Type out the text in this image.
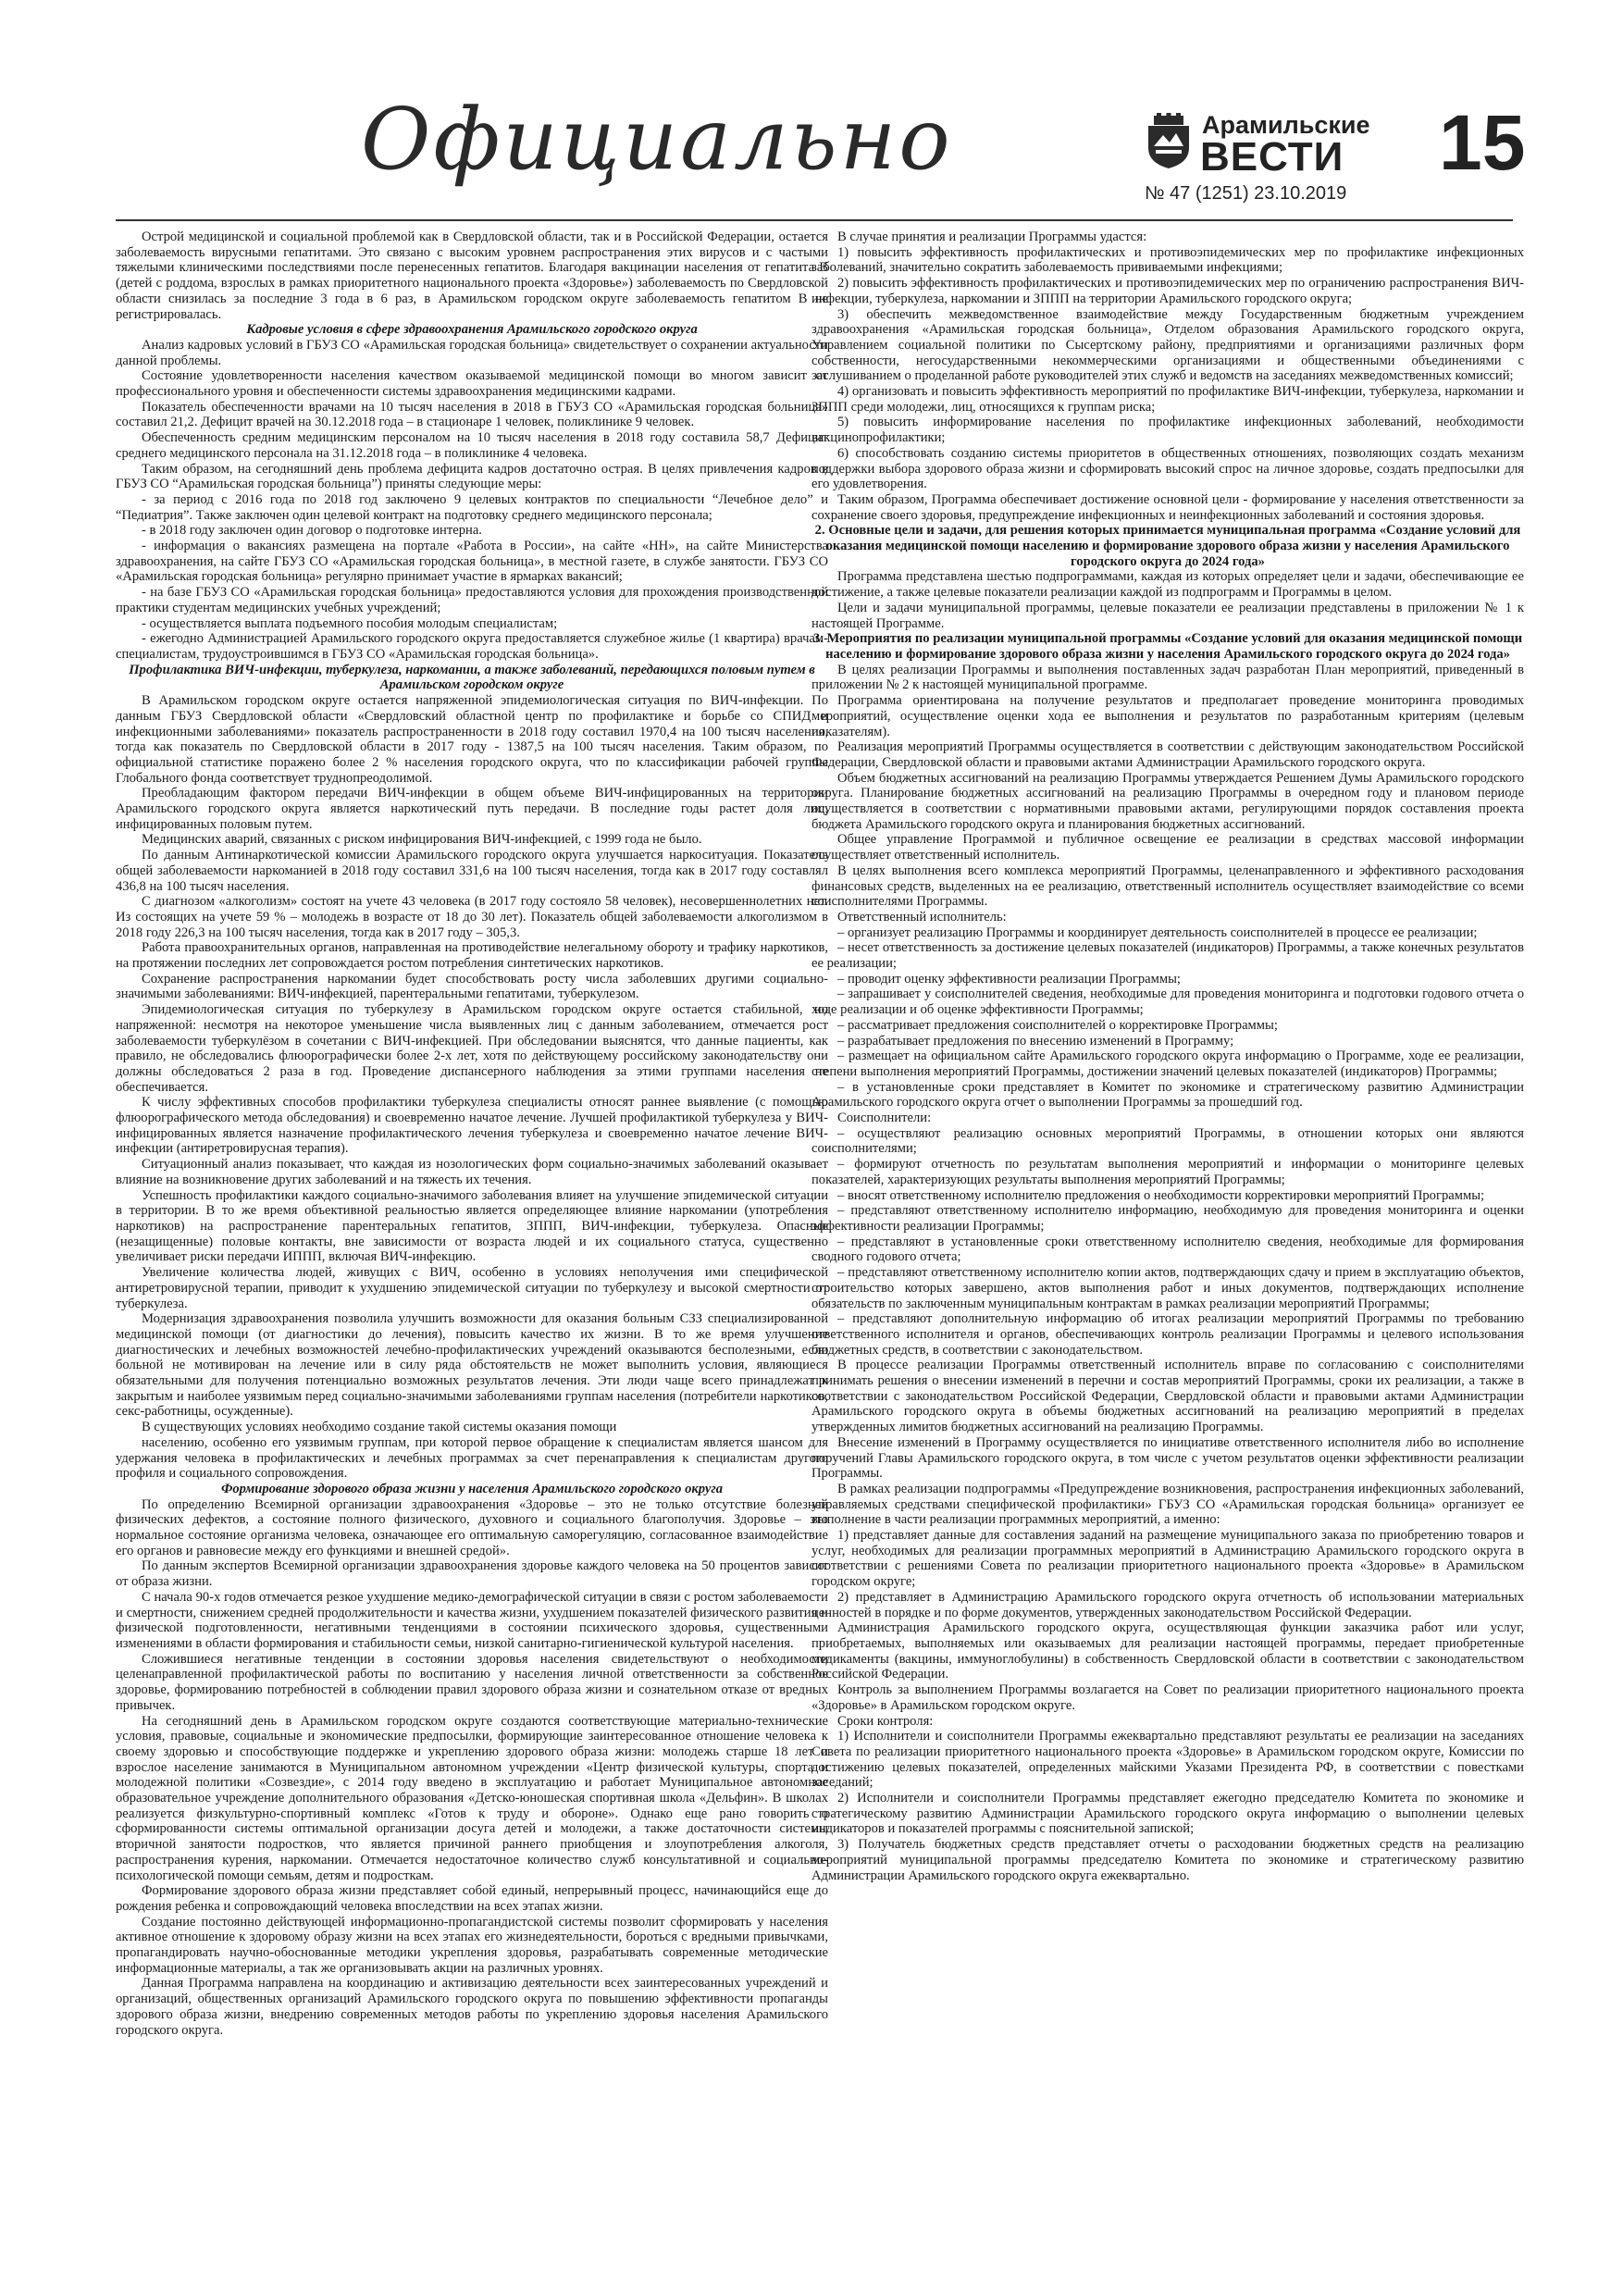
Официально	Арамильские
ВЕСТИ
№ 47 (1251) 23.10.2019
15

Острой медицинской и социальной проблемой как в Свердловской области, так и в Российской Федерации, остается заболеваемость вирусными гепатитами. Это связано с высоким уровнем распространения этих вирусов и с частыми тяжелыми клиническими последствиями после перенесенных гепатитов. Благодаря вакцинации населения от гепатита В (детей с роддома, взрослых в рамках приоритетного национального проекта «Здоровье») заболеваемость по Свердловской области снизилась за последние 3 года в 6 раз, в Арамильском городском округе заболеваемость гепатитом В не регистрировалась.

Кадровые условия в сфере здравоохранения Арамильского городского округа

Анализ кадровых условий в ГБУЗ СО «Арамильская городская больница» свидетельствует о сохранении актуальности данной проблемы.

Состояние удовлетворенности населения качеством оказываемой медицинской помощи во многом зависит от профессионального уровня и обеспеченности системы здравоохранения медицинскими кадрами.

Показатель обеспеченности врачами на 10 тысяч населения в 2018 в ГБУЗ СО «Арамильская городская больница» составил 21,2. Дефицит врачей на 30.12.2018 года – в стационаре 1 человек, поликлинике 9 человек.

Обеспеченность средним медицинским персоналом на 10 тысяч населения в 2018 году составила 58,7 Дефицит среднего медицинского персонала на 31.12.2018 года – в поликлинике 4 человека.

Таким образом, на сегодняшний день проблема дефицита кадров достаточно острая. В целях привлечения кадров в ГБУЗ СО “Арамильская городская больница”) приняты следующие меры:

- за период с 2016 года по 2018 год заключено 9 целевых контрактов по специальности “Лечебное дело” и “Педиатрия”. Также заключен один целевой контракт на подготовку среднего медицинского персонала;

- в 2018 году заключен один договор о подготовке интерна.

- информация о вакансиях размещена на портале «Работа в России», на сайте «НН», на сайте Министерства здравоохранения, на сайте ГБУЗ СО «Арамильская городская больница», в местной газете, в службе занятости. ГБУЗ СО «Арамильская городская больница» регулярно принимает участие в ярмарках вакансий;

- на базе ГБУЗ СО «Арамильская городская больница» предоставляются условия для прохождения производственной практики студентам медицинских учебных учреждений;

- осуществляется выплата подъемного пособия молодым специалистам;

- ежегодно Администрацией Арамильского городского округа предоставляется служебное жилье (1 квартира) врачам-специалистам, трудоустроившимся в ГБУЗ СО «Арамильская городская больница».

Профилактика ВИЧ-инфекции, туберкулеза, наркомании, а также заболеваний, передающихся половым путем в Арамильском городском округе

В Арамильском городском округе остается напряженной эпидемиологическая ситуация по ВИЧ-инфекции. По данным ГБУЗ Свердловской области «Свердловский областной центр по профилактике и борьбе со СПИД и инфекционными заболеваниями» показатель распространенности в 2018 году составил 1970,4 на 100 тысяч населения, тогда как показатель по Свердловской области в 2017 году - 1387,5 на 100 тысяч населения. Таким образом, по официальной статистике поражено более 2 % населения городского округа, что по классификации рабочей группы Глобального фонда соответствует труднопреодолимой.

Преобладающим фактором передачи ВИЧ-инфекции в общем объеме ВИЧ-инфицированных на территории Арамильского городского округа является наркотический путь передачи. В последние годы растет доля лиц, инфицированных половым путем.

Медицинских аварий, связанных с риском инфицирования ВИЧ-инфекцией, с 1999 года не было.

По данным Антинаркотической комиссии Арамильского городского округа улучшается наркоситуация. Показатель общей заболеваемости наркоманией в 2018 году составил 331,6 на 100 тысяч населения, тогда как в 2017 году составлял 436,8 на 100 тысяч населения.

С диагнозом «алкоголизм» состоят на учете 43 человека (в 2017 году состояло 58 человек), несовершеннолетних нет. Из состоящих на учете 59 % – молодежь в возрасте от 18 до 30 лет). Показатель общей заболеваемости алкоголизмом в 2018 году 226,3 на 100 тысяч населения, тогда как в 2017 году – 305,3.

Работа правоохранительных органов, направленная на противодействие нелегальному обороту и трафику наркотиков, на протяжении последних лет сопровождается ростом потребления синтетических наркотиков.

Сохранение распространения наркомании будет способствовать росту числа заболевших другими социально-значимыми заболеваниями: ВИЧ-инфекцией, парентеральными гепатитами, туберкулезом.

Эпидемиологическая ситуация по туберкулезу в Арамильском городском округе остается стабильной, но напряженной: несмотря на некоторое уменьшение числа выявленных лиц с данным заболеванием, отмечается рост заболеваемости туберкулёзом в сочетании с ВИЧ-инфекцией. При обследовании выяснятся, что данные пациенты, как правило, не обследовались флюорографически более 2-х лет, хотя по действующему российскому законодательству они должны обследоваться 2 раза в год. Проведение диспансерного наблюдения за этими группами населения не обеспечивается.

К числу эффективных способов профилактики туберкулеза специалисты относят раннее выявление (с помощью флюорографического метода обследования) и своевременно начатое лечение. Лучшей профилактикой туберкулеза у ВИЧ-инфицированных является назначение профилактического лечения туберкулеза и своевременно начатое лечение ВИЧ-инфекции (антиретровирусная терапия).

Ситуационный анализ показывает, что каждая из нозологических форм социально-значимых заболеваний оказывает влияние на возникновение других заболеваний и на тяжесть их течения.

Успешность профилактики каждого социально-значимого заболевания влияет на улучшение эпидемической ситуации в территории. В то же время объективной реальностью является определяющее влияние наркомании (употребления наркотиков) на распространение парентеральных гепатитов, ЗППП, ВИЧ-инфекции, туберкулеза. Опасные (незащищенные) половые контакты, вне зависимости от возраста людей и их социального статуса, существенно увеличивает риски передачи ИППП, включая ВИЧ-инфекцию.

Увеличение количества людей, живущих с ВИЧ, особенно в условиях неполучения ими специфической антиретровирусной терапии, приводит к ухудшению эпидемической ситуации по туберкулезу и высокой смертности от туберкулеза.

Модернизация здравоохранения позволила улучшить возможности для оказания больным СЗЗ специализированной медицинской помощи (от диагностики до лечения), повысить качество их жизни. В то же время улучшение диагностических и лечебных возможностей лечебно-профилактических учреждений оказываются бесполезными, если больной не мотивирован на лечение или в силу ряда обстоятельств не может выполнить условия, являющиеся обязательными для получения потенциально возможных результатов лечения. Эти люди чаще всего принадлежат к закрытым и наиболее уязвимым перед социально-значимыми заболеваниями группам населения (потребители наркотиков, секс-работницы, осужденные).

В существующих условиях необходимо создание такой системы оказания помощи

населению, особенно его уязвимым группам, при которой первое обращение к специалистам является шансом для удержания человека в профилактических и лечебных программах за счет перенаправления к специалистам другого профиля и социального сопровождения.

Формирование здорового образа жизни у населения Арамильского городского округа

По определению Всемирной организации здравоохранения «Здоровье – это не только отсутствие болезней физических дефектов, а состояние полного физического, духовного и социального благополучия. Здоровье – это нормальное состояние организма человека, означающее его оптимальную саморегуляцию, согласованное взаимодействие его органов и равновесие между его функциями и внешней средой».

По данным экспертов Всемирной организации здравоохранения здоровье каждого человека на 50 процентов зависит от образа жизни.

С начала 90-х годов отмечается резкое ухудшение медико-демографической ситуации в связи с ростом заболеваемости и смертности, снижением средней продолжительности и качества жизни, ухудшением показателей физического развития и физической подготовленности, негативными тенденциями в состоянии психического здоровья, существенными изменениями в области формирования и стабильности семьи, низкой санитарно-гигиенической культурой населения.

Сложившиеся негативные тенденции в состоянии здоровья населения свидетельствуют о необходимости целенаправленной профилактической работы по воспитанию у населения личной ответственности за собственное здоровье, формированию потребностей в соблюдении правил здорового образа жизни и сознательном отказе от вредных привычек.

На сегодняшний день в Арамильском городском округе создаются соответствующие материально-технические условия, правовые, социальные и экономические предпосылки, формирующие заинтересованное отношение человека к своему здоровью и способствующие поддержке и укреплению здорового образа жизни: молодежь старше 18 лет и взрослое население занимаются в Муниципальном автономном учреждении «Центр физической культуры, спорта и молодежной политики «Созвездие», с 2014 году введено в эксплуатацию и работает Муниципальное автономное образовательное учреждение дополнительного образования «Детско-юношеская спортивная школа «Дельфин». В школах реализуется физкультурно-спортивный комплекс «Готов к труду и обороне». Однако еще рано говорить о сформированности системы оптимальной организации досуга детей и молодежи, а также достаточности системы вторичной занятости подростков, что является причиной раннего приобщения и злоупотребления алкоголя, распространения курения, наркомании. Отмечается недостаточное количество служб консультативной и социально-психологической помощи семьям, детям и подросткам.

Формирование здорового образа жизни представляет собой единый, непрерывный процесс, начинающийся еще до рождения ребенка и сопровождающий человека впоследствии на всех этапах жизни.

Создание постоянно действующей информационно-пропагандистской системы позволит сформировать у населения активное отношение к здоровому образу жизни на всех этапах его жизнедеятельности, бороться с вредными привычками, пропагандировать научно-обоснованные методики укрепления здоровья, разрабатывать современные методические информационные материалы, а так же организовывать акции на различных уровнях.

Данная Программа направлена на координацию и активизацию деятельности всех заинтересованных учреждений и организаций, общественных организаций Арамильского городского округа по повышению эффективности пропаганды здорового образа жизни, внедрению современных методов работы по укреплению здоровья населения Арамильского городского округа.

В случае принятия и реализации Программы удастся:

1) повысить эффективность профилактических и противоэпидемических мер по профилактике инфекционных заболеваний, значительно сократить заболеваемость прививаемыми инфекциями;

2) повысить эффективность профилактических и противоэпидемических мер по ограничению распространения ВИЧ-инфекции, туберкулеза, наркомании и ЗППП на территории Арамильского городского округа;

3) обеспечить межведомственное взаимодействие между Государственным бюджетным учреждением здравоохранения «Арамильская городская больница», Отделом образования Арамильского городского округа, Управлением социальной политики по Сысертскому району, предприятиями и организациями различных форм собственности, негосударственными некоммерческими организациями и общественными объединениями с заслушиванием о проделанной работе руководителей этих служб и ведомств на заседаниях межведомственных комиссий;

4) организовать и повысить эффективность мероприятий по профилактике ВИЧ-инфекции, туберкулеза, наркомании и ЗППП среди молодежи, лиц, относящихся к группам риска;

5) повысить информирование населения по профилактике инфекционных заболеваний, необходимости вакцинопрофилактики;

6) способствовать созданию системы приоритетов в общественных отношениях, позволяющих создать механизм поддержки выбора здорового образа жизни и сформировать высокий спрос на личное здоровье, создать предпосылки для его удовлетворения.

Таким образом, Программа обеспечивает достижение основной цели - формирование у населения ответственности за сохранение своего здоровья, предупреждение инфекционных и неинфекционных заболеваний и состояния здоровья.

2. Основные цели и задачи, для решения которых принимается муниципальная программа «Создание условий для оказания медицинской помощи населению и формирование здорового образа жизни у населения Арамильского городского округа до 2024 года»

Программа представлена шестью подпрограммами, каждая из которых определяет цели и задачи, обеспечивающие ее достижение, а также целевые показатели реализации каждой из подпрограмм и Программы в целом.

Цели и задачи муниципальной программы, целевые показатели ее реализации представлены в приложении № 1 к настоящей Программе.

3. Мероприятия по реализации муниципальной программы «Создание условий для оказания медицинской помощи населению и формирование здорового образа жизни у населения Арамильского городского округа до 2024 года»

В целях реализации Программы и выполнения поставленных задач разработан План мероприятий, приведенный в приложении № 2 к настоящей муниципальной программе.

Программа ориентирована на получение результатов и предполагает проведение мониторинга проводимых мероприятий, осуществление оценки хода ее выполнения и результатов по разработанным критериям (целевым показателям).

Реализация мероприятий Программы осуществляется в соответствии с действующим законодательством Российской Федерации, Свердловской области и правовыми актами Администрации Арамильского городского округа.

Объем бюджетных ассигнований на реализацию Программы утверждается Решением Думы Арамильского городского округа. Планирование бюджетных ассигнований на реализацию Программы в очередном году и плановом периоде осуществляется в соответствии с нормативными правовыми актами, регулирующими порядок составления проекта бюджета Арамильского городского округа и планирования бюджетных ассигнований.

Общее управление Программой и публичное освещение ее реализации в средствах массовой информации осуществляет ответственный исполнитель.

В целях выполнения всего комплекса мероприятий Программы, целенаправленного и эффективного расходования финансовых средств, выделенных на ее реализацию, ответственный исполнитель осуществляет взаимодействие со всеми соисполнителями Программы.

Ответственный исполнитель:

– организует реализацию Программы и координирует деятельность соисполнителей в процессе ее реализации;

– несет ответственность за достижение целевых показателей (индикаторов) Программы, а также конечных результатов ее реализации;

– проводит оценку эффективности реализации Программы;

– запрашивает у соисполнителей сведения, необходимые для проведения мониторинга и подготовки годового отчета о ходе реализации и об оценке эффективности Программы;

– рассматривает предложения соисполнителей о корректировке Программы;

– разрабатывает предложения по внесению изменений в Программу;

– размещает на официальном сайте Арамильского городского округа информацию о Программе, ходе ее реализации, степени выполнения мероприятий Программы, достижении значений целевых показателей (индикаторов) Программы;

– в установленные сроки представляет в Комитет по экономике и стратегическому развитию Администрации Арамильского городского округа отчет о выполнении Программы за прошедший год.

Соисполнители:

– осуществляют реализацию основных мероприятий Программы, в отношении которых они являются соисполнителями;

– формируют отчетность по результатам выполнения мероприятий и информации о мониторинге целевых показателей, характеризующих результаты выполнения мероприятий Программы;

– вносят ответственному исполнителю предложения о необходимости корректировки мероприятий Программы;

– представляют ответственному исполнителю информацию, необходимую для проведения мониторинга и оценки эффективности реализации Программы;

– представляют в установленные сроки ответственному исполнителю сведения, необходимые для формирования сводного годового отчета;

– представляют ответственному исполнителю копии актов, подтверждающих сдачу и прием в эксплуатацию объектов, строительство которых завершено, актов выполнения работ и иных документов, подтверждающих исполнение обязательств по заключенным муниципальным контрактам в рамках реализации мероприятий Программы;

– представляют дополнительную информацию об итогах реализации мероприятий Программы по требованию ответственного исполнителя и органов, обеспечивающих контроль реализации Программы и целевого использования бюджетных средств, в соответствии с законодательством.

В процессе реализации Программы ответственный исполнитель вправе по согласованию с соисполнителями принимать решения о внесении изменений в перечни и состав мероприятий Программы, сроки их реализации, а также в соответствии с законодательством Российской Федерации, Свердловской области и правовыми актами Администрации Арамильского городского округа в объемы бюджетных ассигнований на реализацию мероприятий в пределах утвержденных лимитов бюджетных ассигнований на реализацию Программы.

Внесение изменений в Программу осуществляется по инициативе ответственного исполнителя либо во исполнение поручений Главы Арамильского городского округа, в том числе с учетом результатов оценки эффективности реализации Программы.

В рамках реализации подпрограммы «Предупреждение возникновения, распространения инфекционных заболеваний, управляемых средствами специфической профилактики» ГБУЗ СО «Арамильская городская больница» организует ее выполнение в части реализации программных мероприятий, а именно:

1) представляет данные для составления заданий на размещение муниципального заказа по приобретению товаров и услуг, необходимых для реализации программных мероприятий в Администрацию Арамильского городского округа в соответствии с решениями Совета по реализации приоритетного национального проекта «Здоровье» в Арамильском городском округе;

2) представляет в Администрацию Арамильского городского округа отчетность об использовании материальных ценностей в порядке и по форме документов, утвержденных законодательством Российской Федерации.

Администрация Арамильского городского округа, осуществляющая функции заказчика работ или услуг, приобретаемых, выполняемых или оказываемых для реализации настоящей программы, передает приобретенные медикаменты (вакцины, иммуноглобулины) в собственность Свердловской области в соответствии с законодательством Российской Федерации.

Контроль за выполнением Программы возлагается на Совет по реализации приоритетного национального проекта «Здоровье» в Арамильском городском округе.

Сроки контроля:

1) Исполнители и соисполнители Программы ежеквартально представляют результаты ее реализации на заседаниях Совета по реализации приоритетного национального проекта «Здоровье» в Арамильском городском округе, Комиссии по достижению целевых показателей, определенных майскими Указами Президента РФ, в соответствии с повестками заседаний;

2) Исполнители и соисполнители Программы представляет ежегодно председателю Комитета по экономике и стратегическому развитию Администрации Арамильского городского округа информацию о выполнении целевых индикаторов и показателей программы с пояснительной запиской;

3) Получатель бюджетных средств представляет отчеты о расходовании бюджетных средств на реализацию мероприятий муниципальной программы председателю Комитета по экономике и стратегическому развитию Администрации Арамильского городского округа ежеквартально.
